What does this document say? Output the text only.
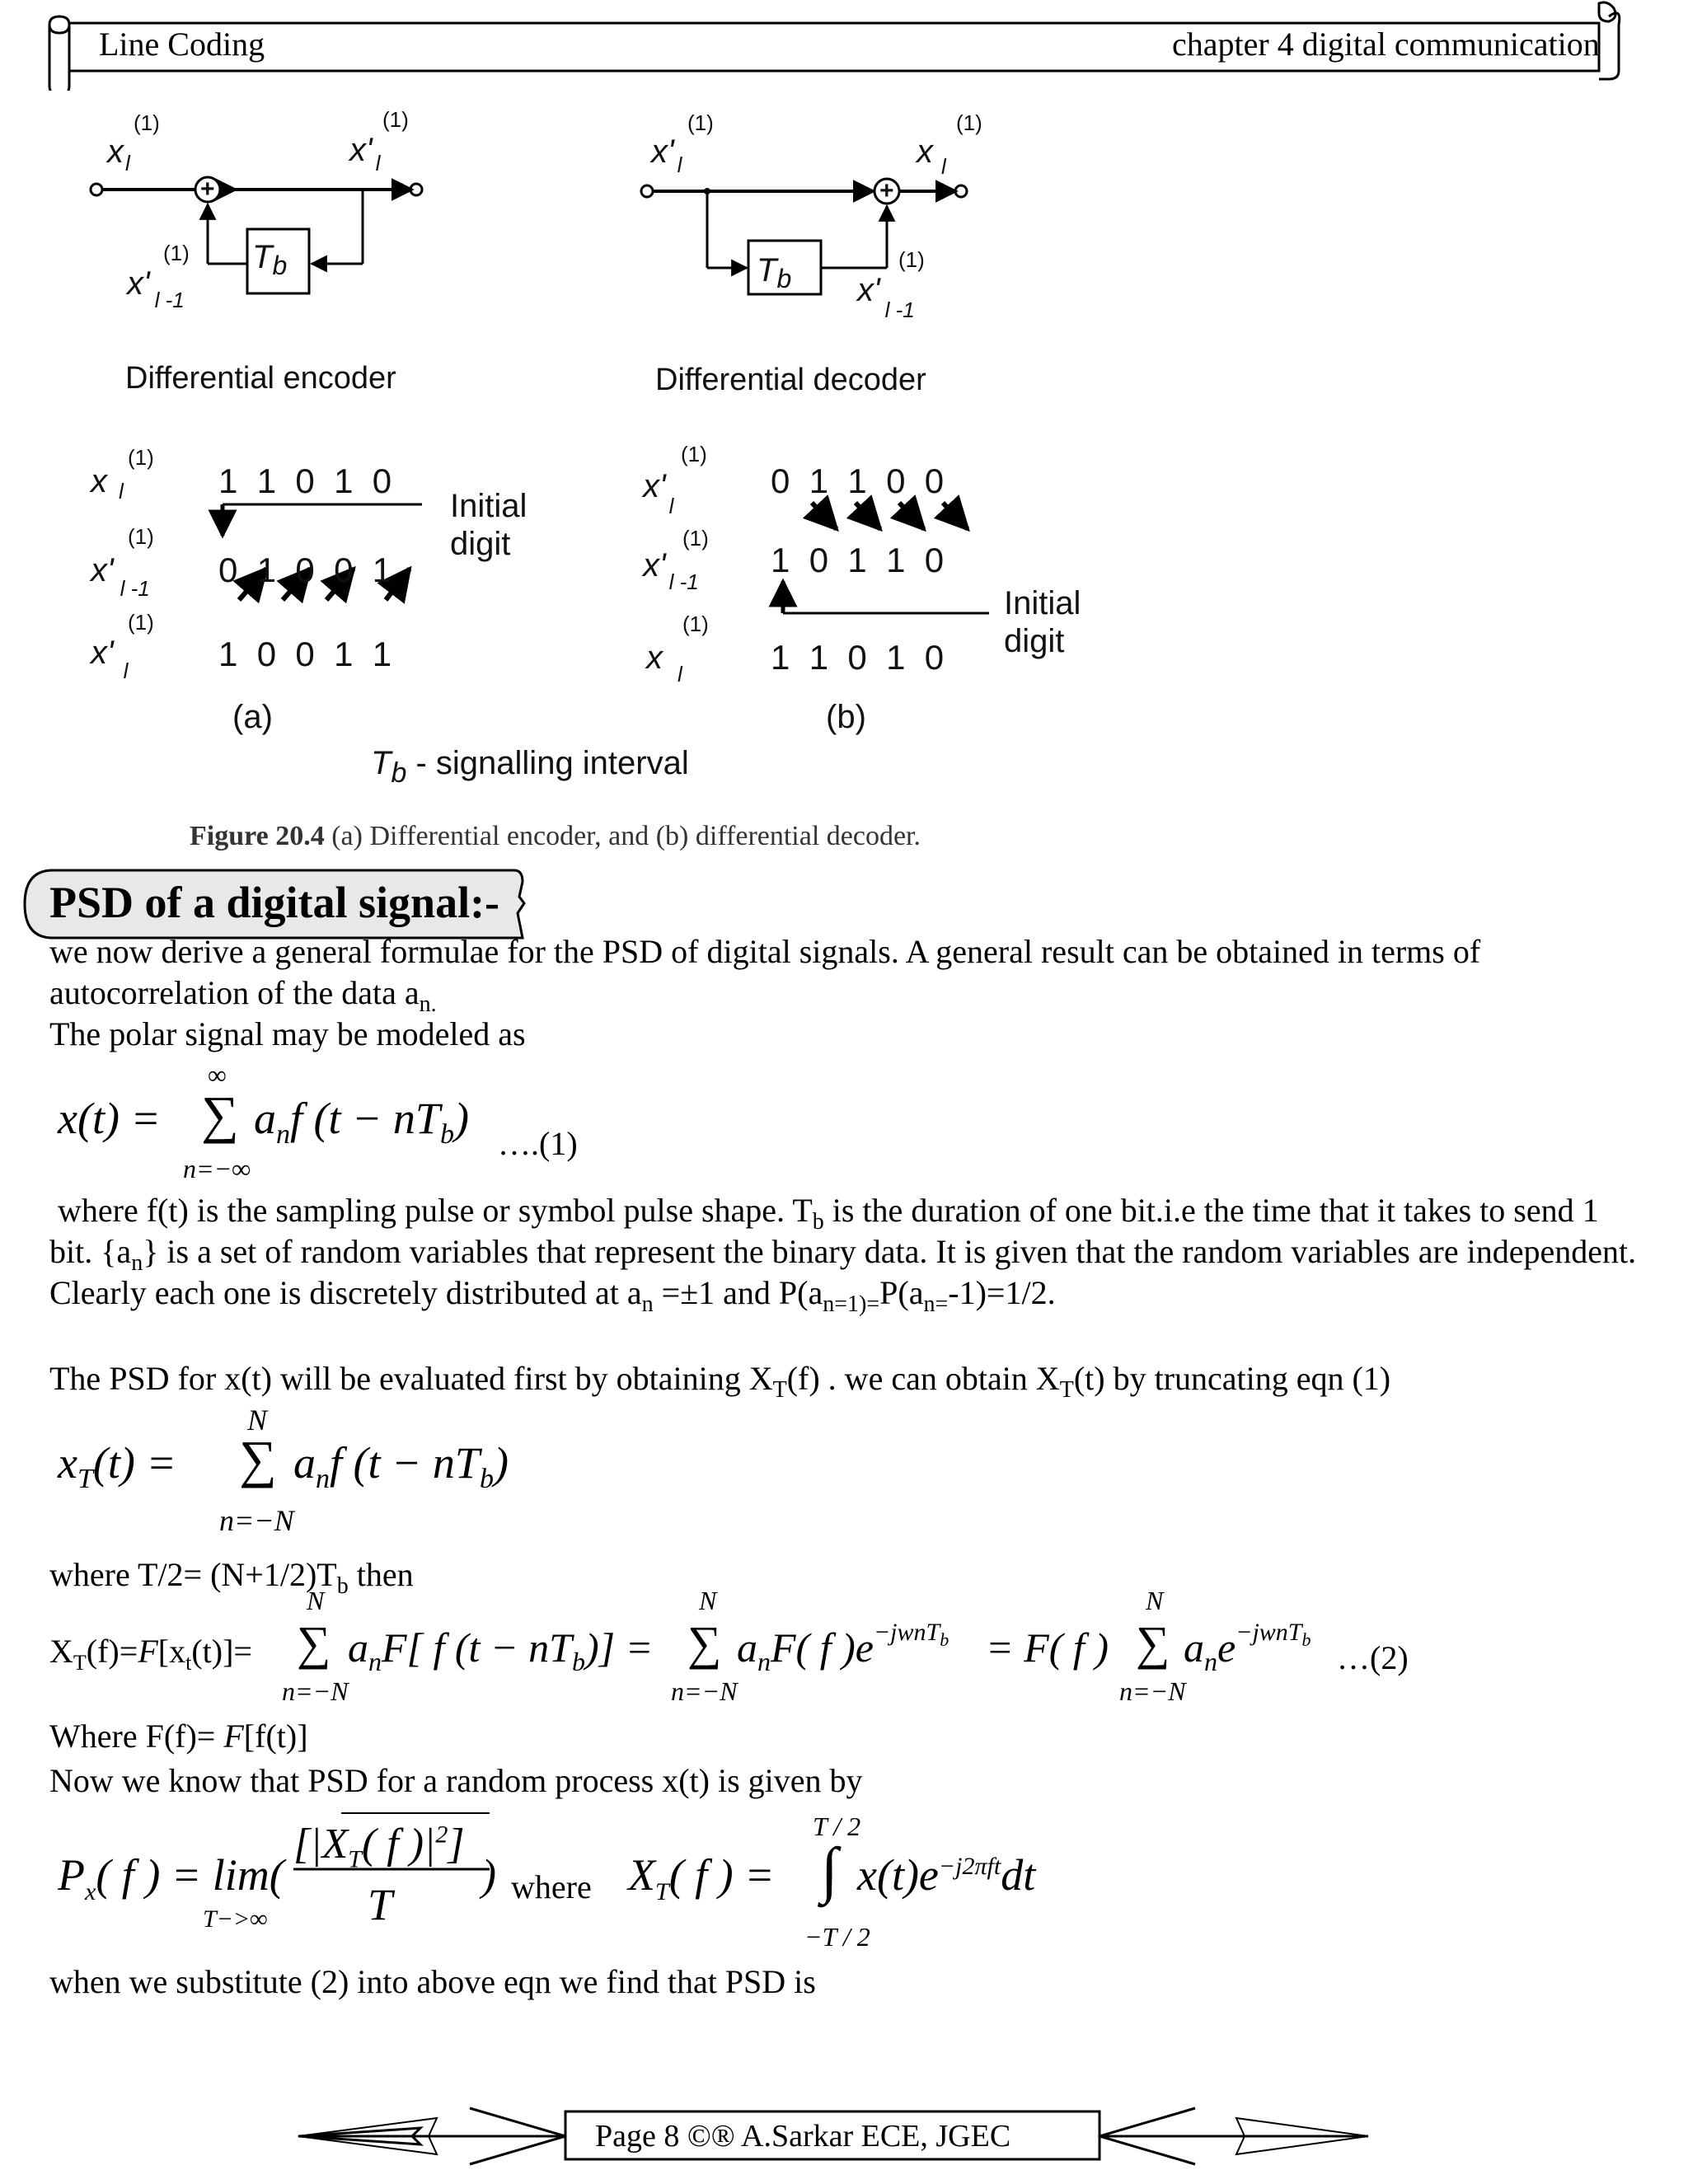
Line Coding	chapter 4 digital communication
$x_l$
(1)
x' $_l$
(1)
x' $_{l -1}$
(1) $T_b$
+
Differential encoder
x' $_l$
(1)
x $_l$
(1)
$x'_{l -1}$
(1)
$T_b$
+
Differential decoder
x $_l$
(1)
x' $_{l -1}$
(1)
x' $_l$
(1)
1  1  0  1  0
0  1  0  0  1
1  0  0  1  1
Initial
digit
(a)
$x'_l$
(1)
x' $_{l -1}$
(1)
x $_l$
(1)
0  1  1  0  0
1  0  1  1  0
1  1  0  1  0
Initial
digit
(b)
$T_b$ - signalling interval
Figure 20.4 (a) Differential encoder, and (b) differential decoder.
PSD of a digital signal:-
we now derive a general formulae for the PSD of digital signals. A general result can be obtained in terms of autocorrelation of the data $a_{n.}$
The polar signal may be modeled as
x(t) =
∞
∑
n=−∞
$a_nf$ $(t - nT_b)$
….(1)
where f(t) is the sampling pulse or symbol pulse shape. $T_b$ is the duration of one bit.i.e the time that it takes to send 1 bit. $\{a_n\}$ is a set of random variables that represent the binary data. It is given that the random variables are independent. Clearly each one is discretely distributed at $a_n =\pm 1$ and $P(a_{n=1)=}P(a_{n=}-1)=1/2$.
The PSD for x(t) will be evaluated first by obtaining $X_T(f)$ . we can obtain $X_T(t)$ by truncating eqn (1)
$x_T(t)$ =
N
∑
n=−N
$a_nf$ $(t - nT_b)$
where $T/2= (N+1/2)T_b$ then
$X_T(f)=F[x_t(t)]=$
N
∑
n=−N
$a_nF$[ f $(t - nT_b)$] =
N
∑
n=−N
$a_nF$( f )$e^{-jwnT_b} = F$( f )
N
∑
n=−N
$a_ne^{-jwnT_b}$ …(2)
Where F(f)= F[f(t)]
Now we know that PSD for a random process x(t) is given by
$P_x$( f ) = lim(
T−>∞
[$|X_T$( f )$|^2$]
T
) where $X_T$( f ) =
T / 2
∫
−T / 2
$x(t)e^{-j2\pi ft}dt$
when we substitute (2) into above eqn we find that PSD is
Page 8 ©® A.Sarkar ECE, JGEC
